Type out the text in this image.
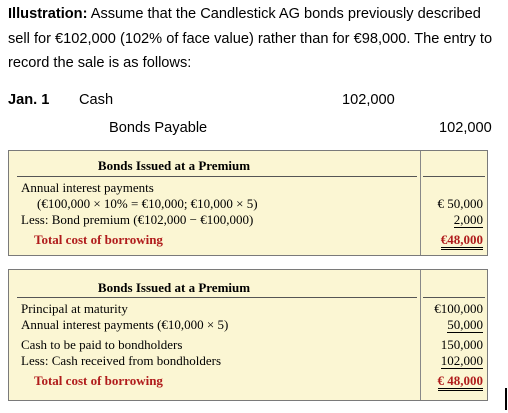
Illustration: Assume that the Candlestick AG bonds previously described sell for €102,000 (102% of face value) rather than for €98,000. The entry to record the sale is as follows:
Jan. 1 Cash	102,000
Bonds Payable	102,000
Bonds Issued at a Premium
Annual interest payments
(€100,000 × 10% = €10,000; €10,000 × 5)
Less: Bond premium (€102,000 − €100,000)
Total cost of borrowing
€ 50,000
2,000
€48,000
Bonds Issued at a Premium
Principal at maturity
Annual interest payments (€10,000 × 5)
Cash to be paid to bondholders
Less: Cash received from bondholders
Total cost of borrowing
€100,000
50,000
150,000
102,000
€ 48,000
